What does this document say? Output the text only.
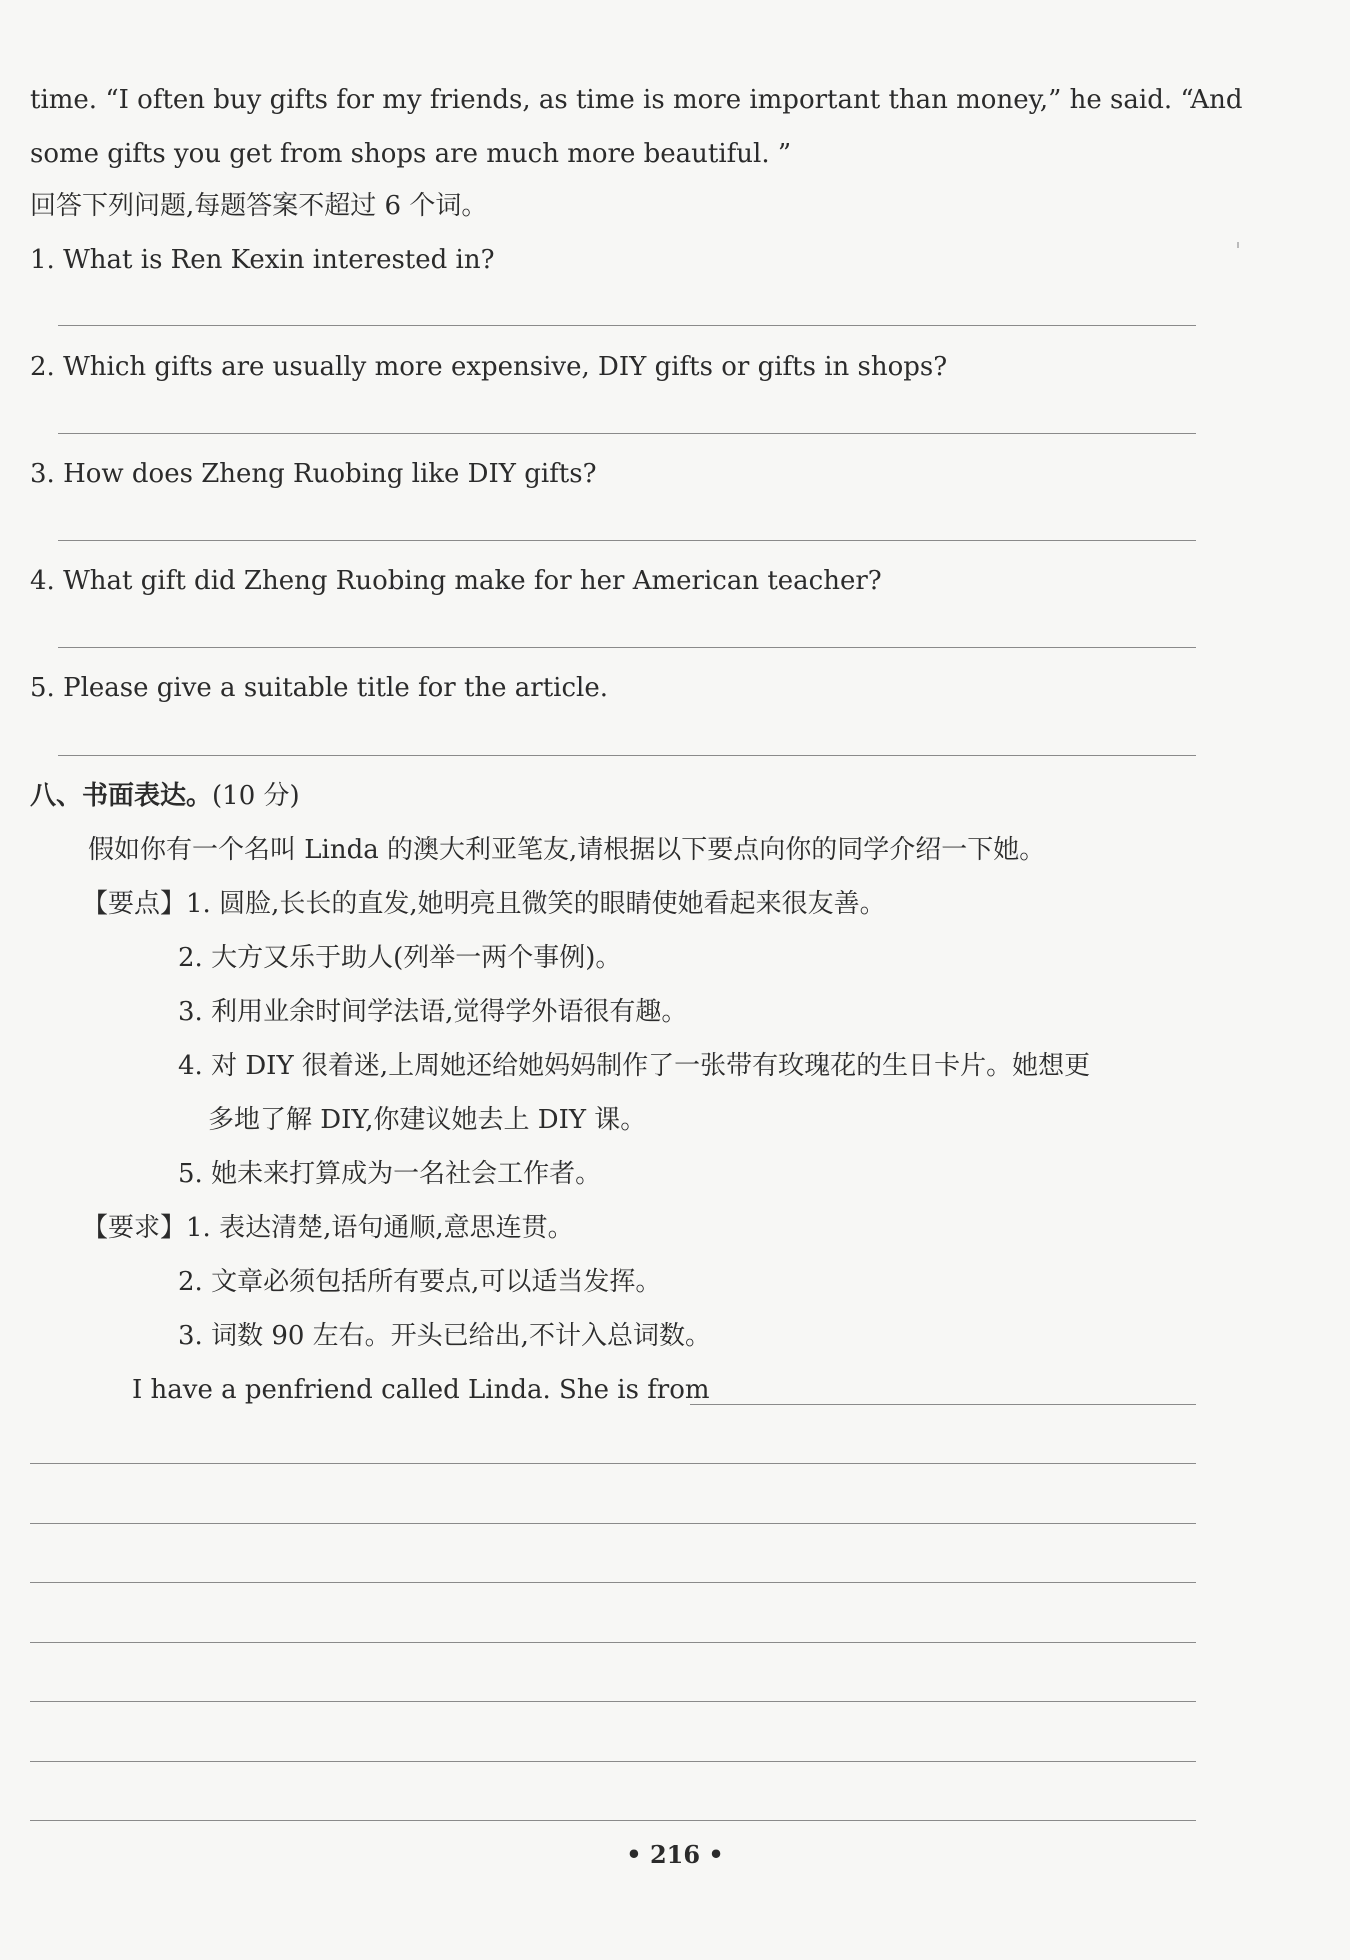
time. “I often buy gifts for my friends, as time is more important than money,” he said. “And
some gifts you get from shops are much more beautiful. ”
回答下列问题,每题答案不超过 6 个词。
1. What is Ren Kexin interested in?
2. Which gifts are usually more expensive, DIY gifts or gifts in shops?
3. How does Zheng Ruobing like DIY gifts?
4. What gift did Zheng Ruobing make for her American teacher?
5. Please give a suitable title for the article.
八、书面表达。(10 分)
假如你有一个名叫 Linda 的澳大利亚笔友,请根据以下要点向你的同学介绍一下她。
【要点】1. 圆脸,长长的直发,她明亮且微笑的眼睛使她看起来很友善。
2. 大方又乐于助人(列举一两个事例)。
3. 利用业余时间学法语,觉得学外语很有趣。
4. 对 DIY 很着迷,上周她还给她妈妈制作了一张带有玫瑰花的生日卡片。她想更
多地了解 DIY,你建议她去上 DIY 课。
5. 她未来打算成为一名社会工作者。
【要求】1. 表达清楚,语句通顺,意思连贯。
2. 文章必须包括所有要点,可以适当发挥。
3. 词数 90 左右。开头已给出,不计入总词数。
I have a penfriend called Linda. She is from
• 216 •
